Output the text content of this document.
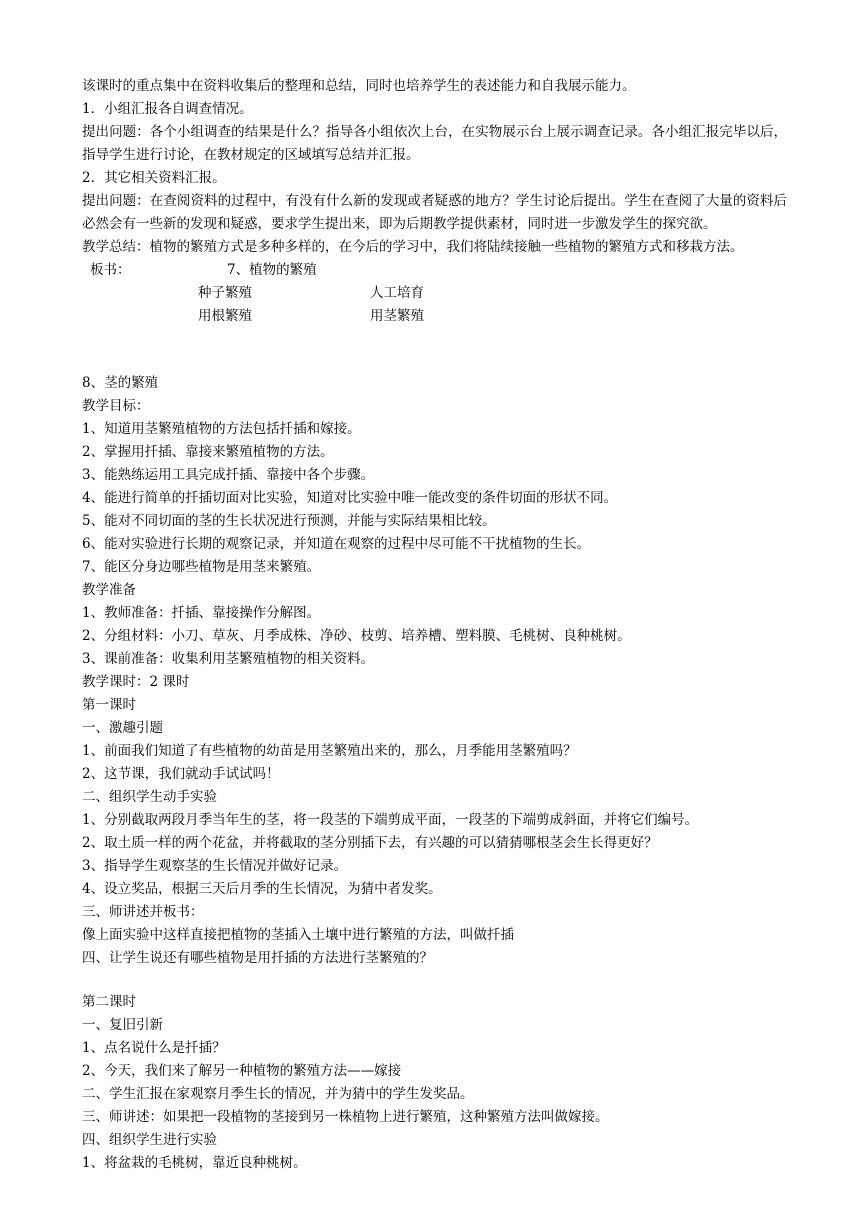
该课时的重点集中在资料收集后的整理和总结，同时也培养学生的表述能力和自我展示能力。
1．小组汇报各自调查情况。
提出问题：各个小组调查的结果是什么？指导各小组依次上台，在实物展示台上展示调查记录。各小组汇报完毕以后，指导学生进行讨论，在教材规定的区域填写总结并汇报。
2．其它相关资料汇报。
提出问题：在查阅资料的过程中，有没有什么新的发现或者疑惑的地方？学生讨论后提出。学生在查阅了大量的资料后必然会有一些新的发现和疑惑，要求学生提出来，即为后期教学提供素材，同时进一步激发学生的探究欲。
教学总结：植物的繁殖方式是多种多样的，在今后的学习中，我们将陆续接触一些植物的繁殖方式和移栽方法。
板书：	7、植物的繁殖
种子繁殖	人工培育
用根繁殖	用茎繁殖
8、茎的繁殖
教学目标：
1、知道用茎繁殖植物的方法包括扦插和嫁接。
2、掌握用扦插、靠接来繁殖植物的方法。
3、能熟练运用工具完成扦插、靠接中各个步骤。
4、能进行简单的扦插切面对比实验，知道对比实验中唯一能改变的条件切面的形状不同。
5、能对不同切面的茎的生长状况进行预测，并能与实际结果相比较。
6、能对实验进行长期的观察记录，并知道在观察的过程中尽可能不干扰植物的生长。
7、能区分身边哪些植物是用茎来繁殖。
教学准备
1、教师准备：扦插、靠接操作分解图。
2、分组材料：小刀、草灰、月季成株、净砂、枝剪、培养槽、塑料膜、毛桃树、良种桃树。
3、课前准备：收集利用茎繁殖植物的相关资料。
教学课时：2 课时
第一课时
一、激趣引题
1、前面我们知道了有些植物的幼苗是用茎繁殖出来的，那么，月季能用茎繁殖吗？
2、这节课，我们就动手试试吗！
二、组织学生动手实验
1、分别截取两段月季当年生的茎，将一段茎的下端剪成平面，一段茎的下端剪成斜面，并将它们编号。
2、取土质一样的两个花盆，并将截取的茎分别插下去，有兴趣的可以猜猜哪根茎会生长得更好？
3、指导学生观察茎的生长情况并做好记录。
4、设立奖品，根据三天后月季的生长情况，为猜中者发奖。
三、师讲述并板书：
像上面实验中这样直接把植物的茎插入土壤中进行繁殖的方法，叫做扦插
四、让学生说还有哪些植物是用扦插的方法进行茎繁殖的？
第二课时
一、复旧引新
1、点名说什么是扦插？
2、今天，我们来了解另一种植物的繁殖方法——嫁接
二、学生汇报在家观察月季生长的情况，并为猜中的学生发奖品。
三、师讲述：如果把一段植物的茎接到另一株植物上进行繁殖，这种繁殖方法叫做嫁接。
四、组织学生进行实验
1、将盆栽的毛桃树，靠近良种桃树。
